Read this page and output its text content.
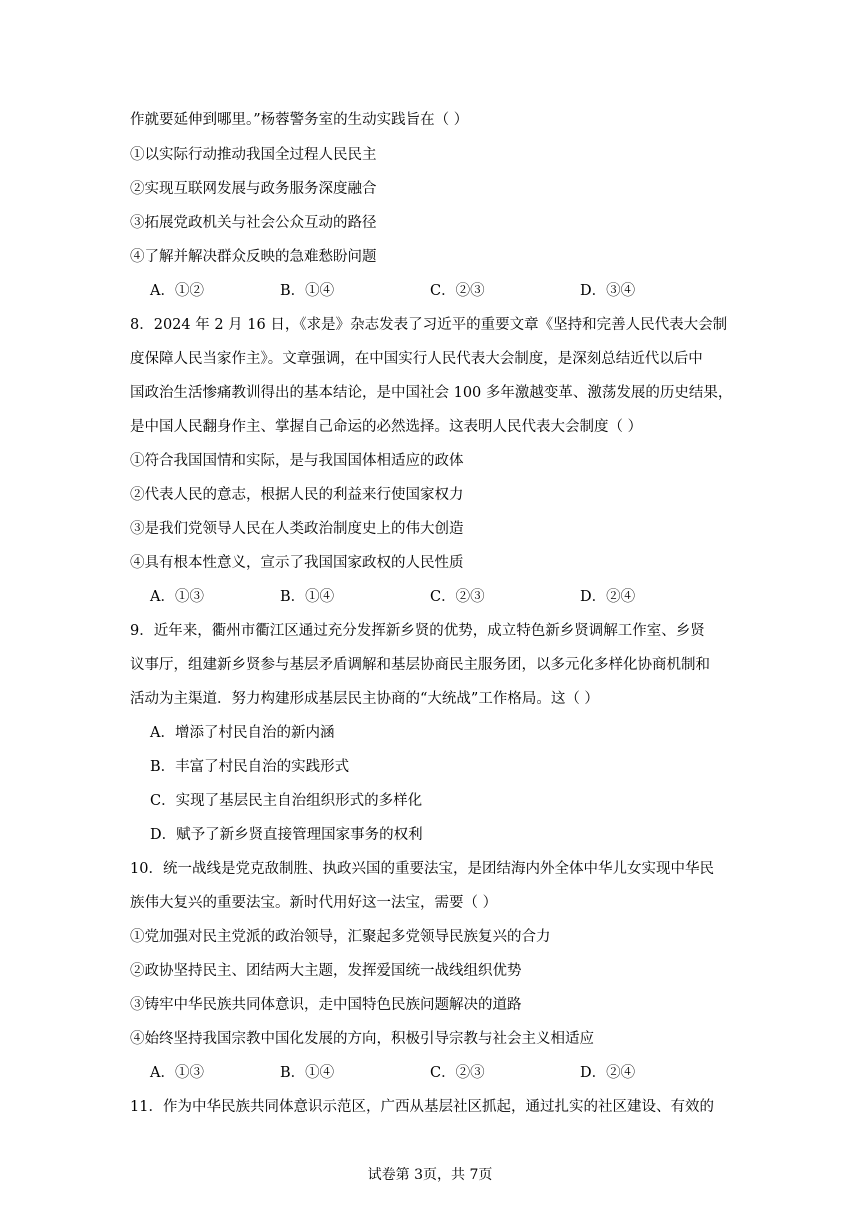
作就要延伸到哪里。”杨蓉警务室的生动实践旨在（ ）
①以实际行动推动我国全过程人民民主
②实现互联网发展与政务服务深度融合
③拓展党政机关与社会公众互动的路径
④了解并解决群众反映的急难愁盼问题
A．①②	B．①④	C．②③	D．③④
8．2024 年 2 月 16 日，《求是》杂志发表了习近平的重要文章《坚持和完善人民代表大会制
度保障人民当家作主》。文章强调，在中国实行人民代表大会制度，是深刻总结近代以后中
国政治生活惨痛教训得出的基本结论，是中国社会 100 多年激越变革、激荡发展的历史结果，
是中国人民翻身作主、掌握自己命运的必然选择。这表明人民代表大会制度（ ）
①符合我国国情和实际，是与我国国体相适应的政体
②代表人民的意志，根据人民的利益来行使国家权力
③是我们党领导人民在人类政治制度史上的伟大创造
④具有根本性意义，宣示了我国国家政权的人民性质
A．①③	B．①④	C．②③	D．②④
9．近年来，衢州市衢江区通过充分发挥新乡贤的优势，成立特色新乡贤调解工作室、乡贤
议事厅，组建新乡贤参与基层矛盾调解和基层协商民主服务团，以多元化多样化协商机制和
活动为主渠道．努力构建形成基层民主协商的“大统战”工作格局。这（ ）
A．增添了村民自治的新内涵
B．丰富了村民自治的实践形式
C．实现了基层民主自治组织形式的多样化
D．赋予了新乡贤直接管理国家事务的权利
10．统一战线是党克敌制胜、执政兴国的重要法宝，是团结海内外全体中华儿女实现中华民
族伟大复兴的重要法宝。新时代用好这一法宝，需要（ ）
①党加强对民主党派的政治领导，汇聚起多党领导民族复兴的合力
②政协坚持民主、团结两大主题，发挥爱国统一战线组织优势
③铸牢中华民族共同体意识，走中国特色民族问题解决的道路
④始终坚持我国宗教中国化发展的方向，积极引导宗教与社会主义相适应
A．①③	B．①④	C．②③	D．②④
11．作为中华民族共同体意识示范区，广西从基层社区抓起，通过扎实的社区建设、有效的
试卷第 3页，共 7页
